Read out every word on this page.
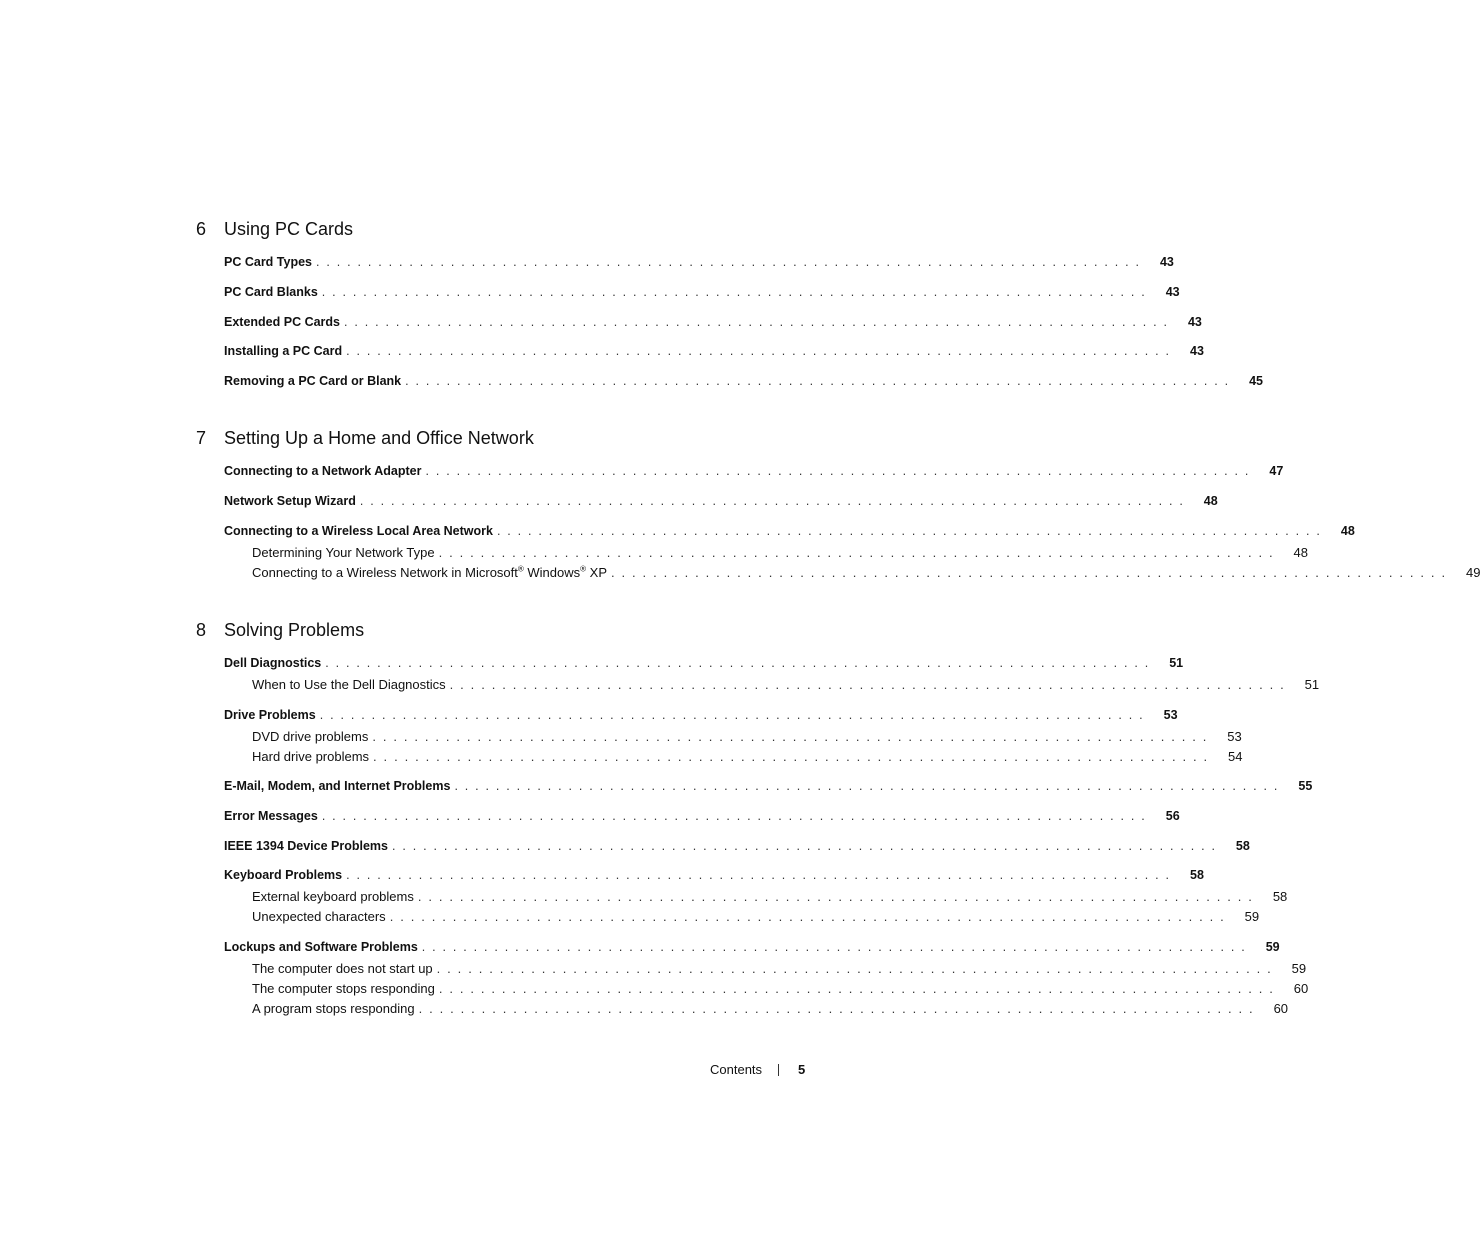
6 Using PC Cards
PC Card Types ................................................................................ 43
PC Card Blanks ................................................................................ 43
Extended PC Cards ................................................................................ 43
Installing a PC Card ................................................................................ 43
Removing a PC Card or Blank ................................................................................ 45
7 Setting Up a Home and Office Network
Connecting to a Network Adapter ................................................................................ 47
Network Setup Wizard ................................................................................ 48
Connecting to a Wireless Local Area Network ................................................................................ 48
Determining Your Network Type ................................................................................ 48
Connecting to a Wireless Network in Microsoft® Windows® XP ................................................................................ 49
8 Solving Problems
Dell Diagnostics ................................................................................ 51
When to Use the Dell Diagnostics ................................................................................ 51
Drive Problems ................................................................................ 53
DVD drive problems ................................................................................ 53
Hard drive problems ................................................................................ 54
E-Mail, Modem, and Internet Problems ................................................................................ 55
Error Messages ................................................................................ 56
IEEE 1394 Device Problems ................................................................................ 58
Keyboard Problems ................................................................................ 58
External keyboard problems ................................................................................ 58
Unexpected characters ................................................................................ 59
Lockups and Software Problems ................................................................................ 59
The computer does not start up ................................................................................ 59
The computer stops responding ................................................................................ 60
A program stops responding ................................................................................ 60
Contents	5
